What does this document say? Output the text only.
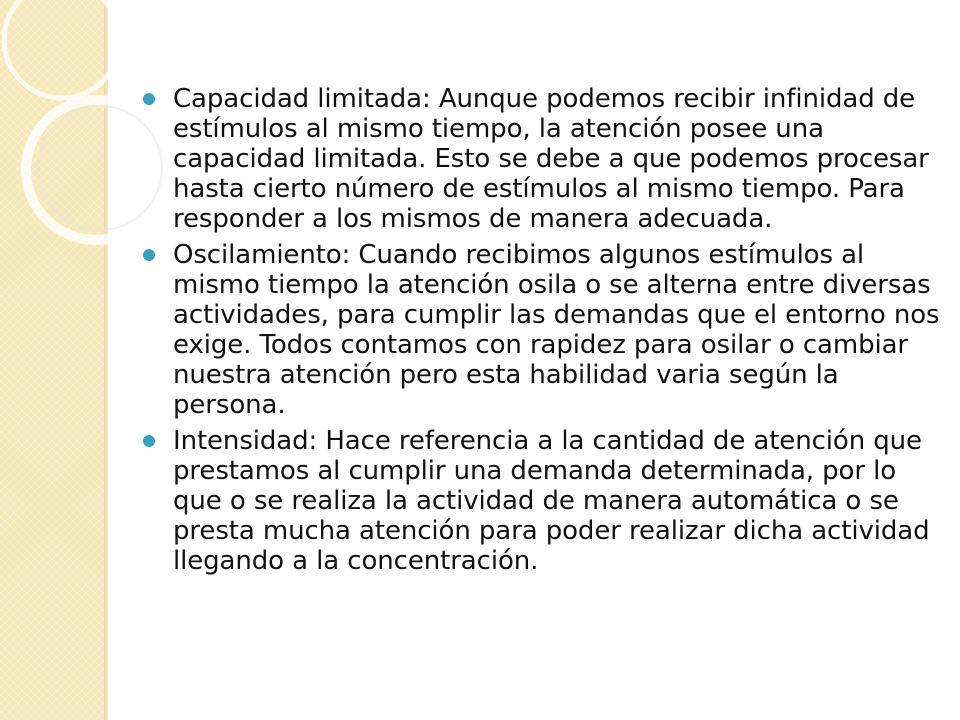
Capacidad limitada: Aunque podemos recibir infinidad de estímulos al mismo tiempo, la atención posee una capacidad limitada. Esto se debe a que podemos procesar hasta cierto número de estímulos al mismo tiempo. Para responder a los mismos de manera adecuada.
Oscilamiento: Cuando recibimos algunos estímulos al mismo tiempo la atención osila o se alterna entre diversas actividades, para cumplir las demandas que el entorno nos exige. Todos contamos con rapidez para osilar o cambiar nuestra atención pero esta habilidad varia según la persona.
Intensidad: Hace referencia a la cantidad de atención que prestamos al cumplir una demanda determinada, por lo que o se realiza la actividad de manera automática o se presta mucha atención para poder realizar dicha actividad llegando a la concentración.
